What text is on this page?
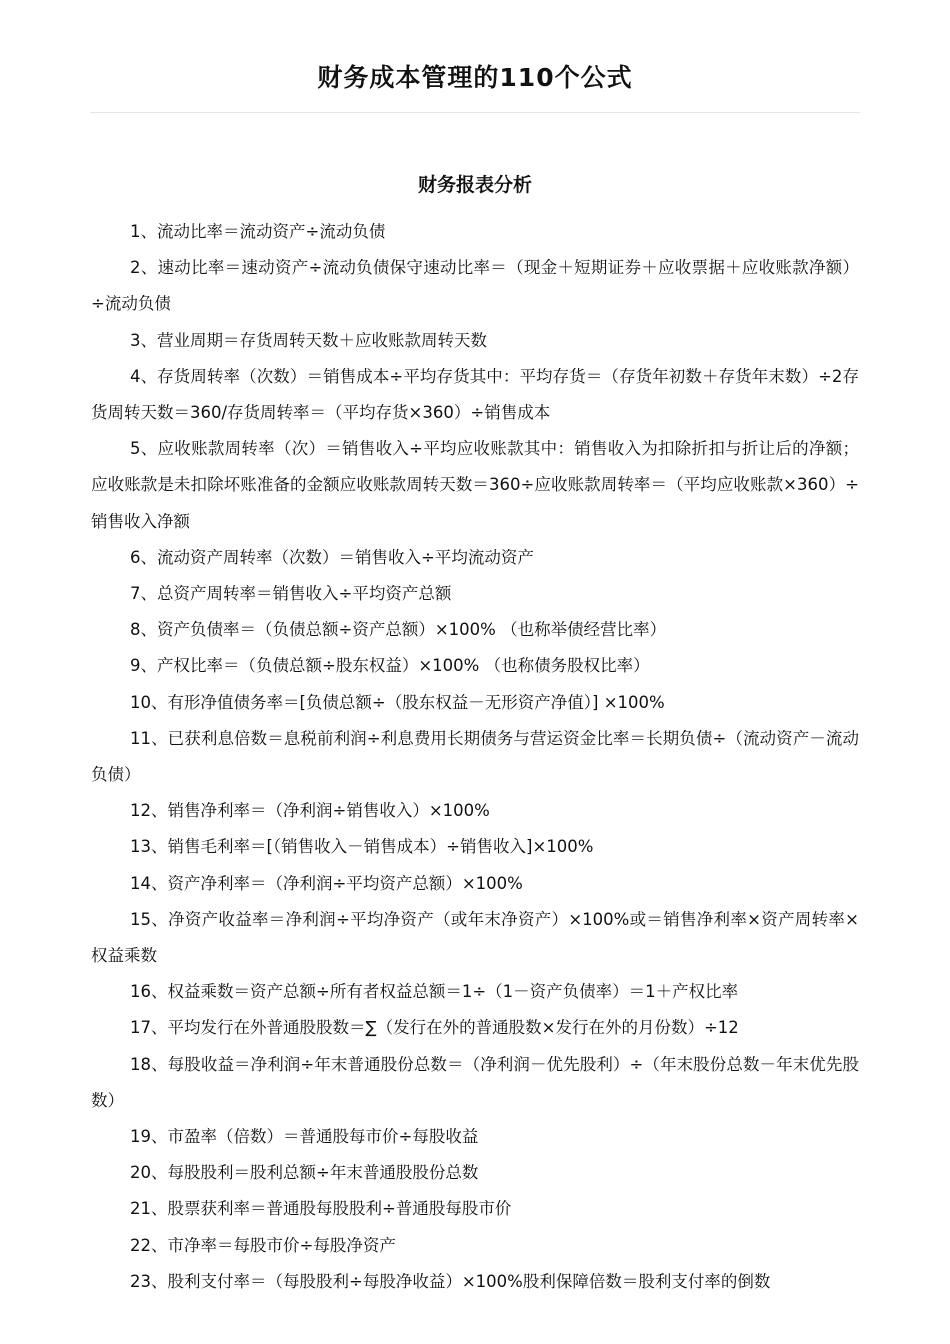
财务成本管理的110个公式
财务报表分析

1、流动比率＝流动资产÷流动负债

2、速动比率＝速动资产÷流动负债保守速动比率＝（现金＋短期证券＋应收票据＋应收账款净额）÷流动负债

3、营业周期＝存货周转天数＋应收账款周转天数

4、存货周转率（次数）＝销售成本÷平均存货其中：平均存货＝（存货年初数＋存货年末数）÷2存货周转天数＝360/存货周转率＝（平均存货×360）÷销售成本

5、应收账款周转率（次）＝销售收入÷平均应收账款其中：销售收入为扣除折扣与折让后的净额；应收账款是未扣除坏账准备的金额应收账款周转天数＝360÷应收账款周转率＝（平均应收账款×360）÷销售收入净额

6、流动资产周转率（次数）＝销售收入÷平均流动资产

7、总资产周转率＝销售收入÷平均资产总额

8、资产负债率＝（负债总额÷资产总额）×100% （也称举债经营比率）

9、产权比率＝（负债总额÷股东权益）×100% （也称债务股权比率）

10、有形净值债务率＝[负债总额÷（股东权益－无形资产净值）] ×100%

11、已获利息倍数＝息税前利润÷利息费用长期债务与营运资金比率＝长期负债÷（流动资产－流动负债）

12、销售净利率＝（净利润÷销售收入）×100%

13、销售毛利率＝[（销售收入－销售成本）÷销售收入]×100%

14、资产净利率＝（净利润÷平均资产总额）×100%

15、净资产收益率＝净利润÷平均净资产（或年末净资产）×100%或＝销售净利率×资产周转率×权益乘数

16、权益乘数＝资产总额÷所有者权益总额＝1÷（1－资产负债率）＝1＋产权比率

17、平均发行在外普通股股数＝∑（发行在外的普通股数×发行在外的月份数）÷12

18、每股收益＝净利润÷年末普通股份总数＝（净利润－优先股利）÷（年末股份总数－年末优先股数）

19、市盈率（倍数）＝普通股每市价÷每股收益

20、每股股利＝股利总额÷年末普通股股份总数

21、股票获利率＝普通股每股股利÷普通股每股市价

22、市净率＝每股市价÷每股净资产

23、股利支付率＝（每股股利÷每股净收益）×100%股利保障倍数＝股利支付率的倒数
